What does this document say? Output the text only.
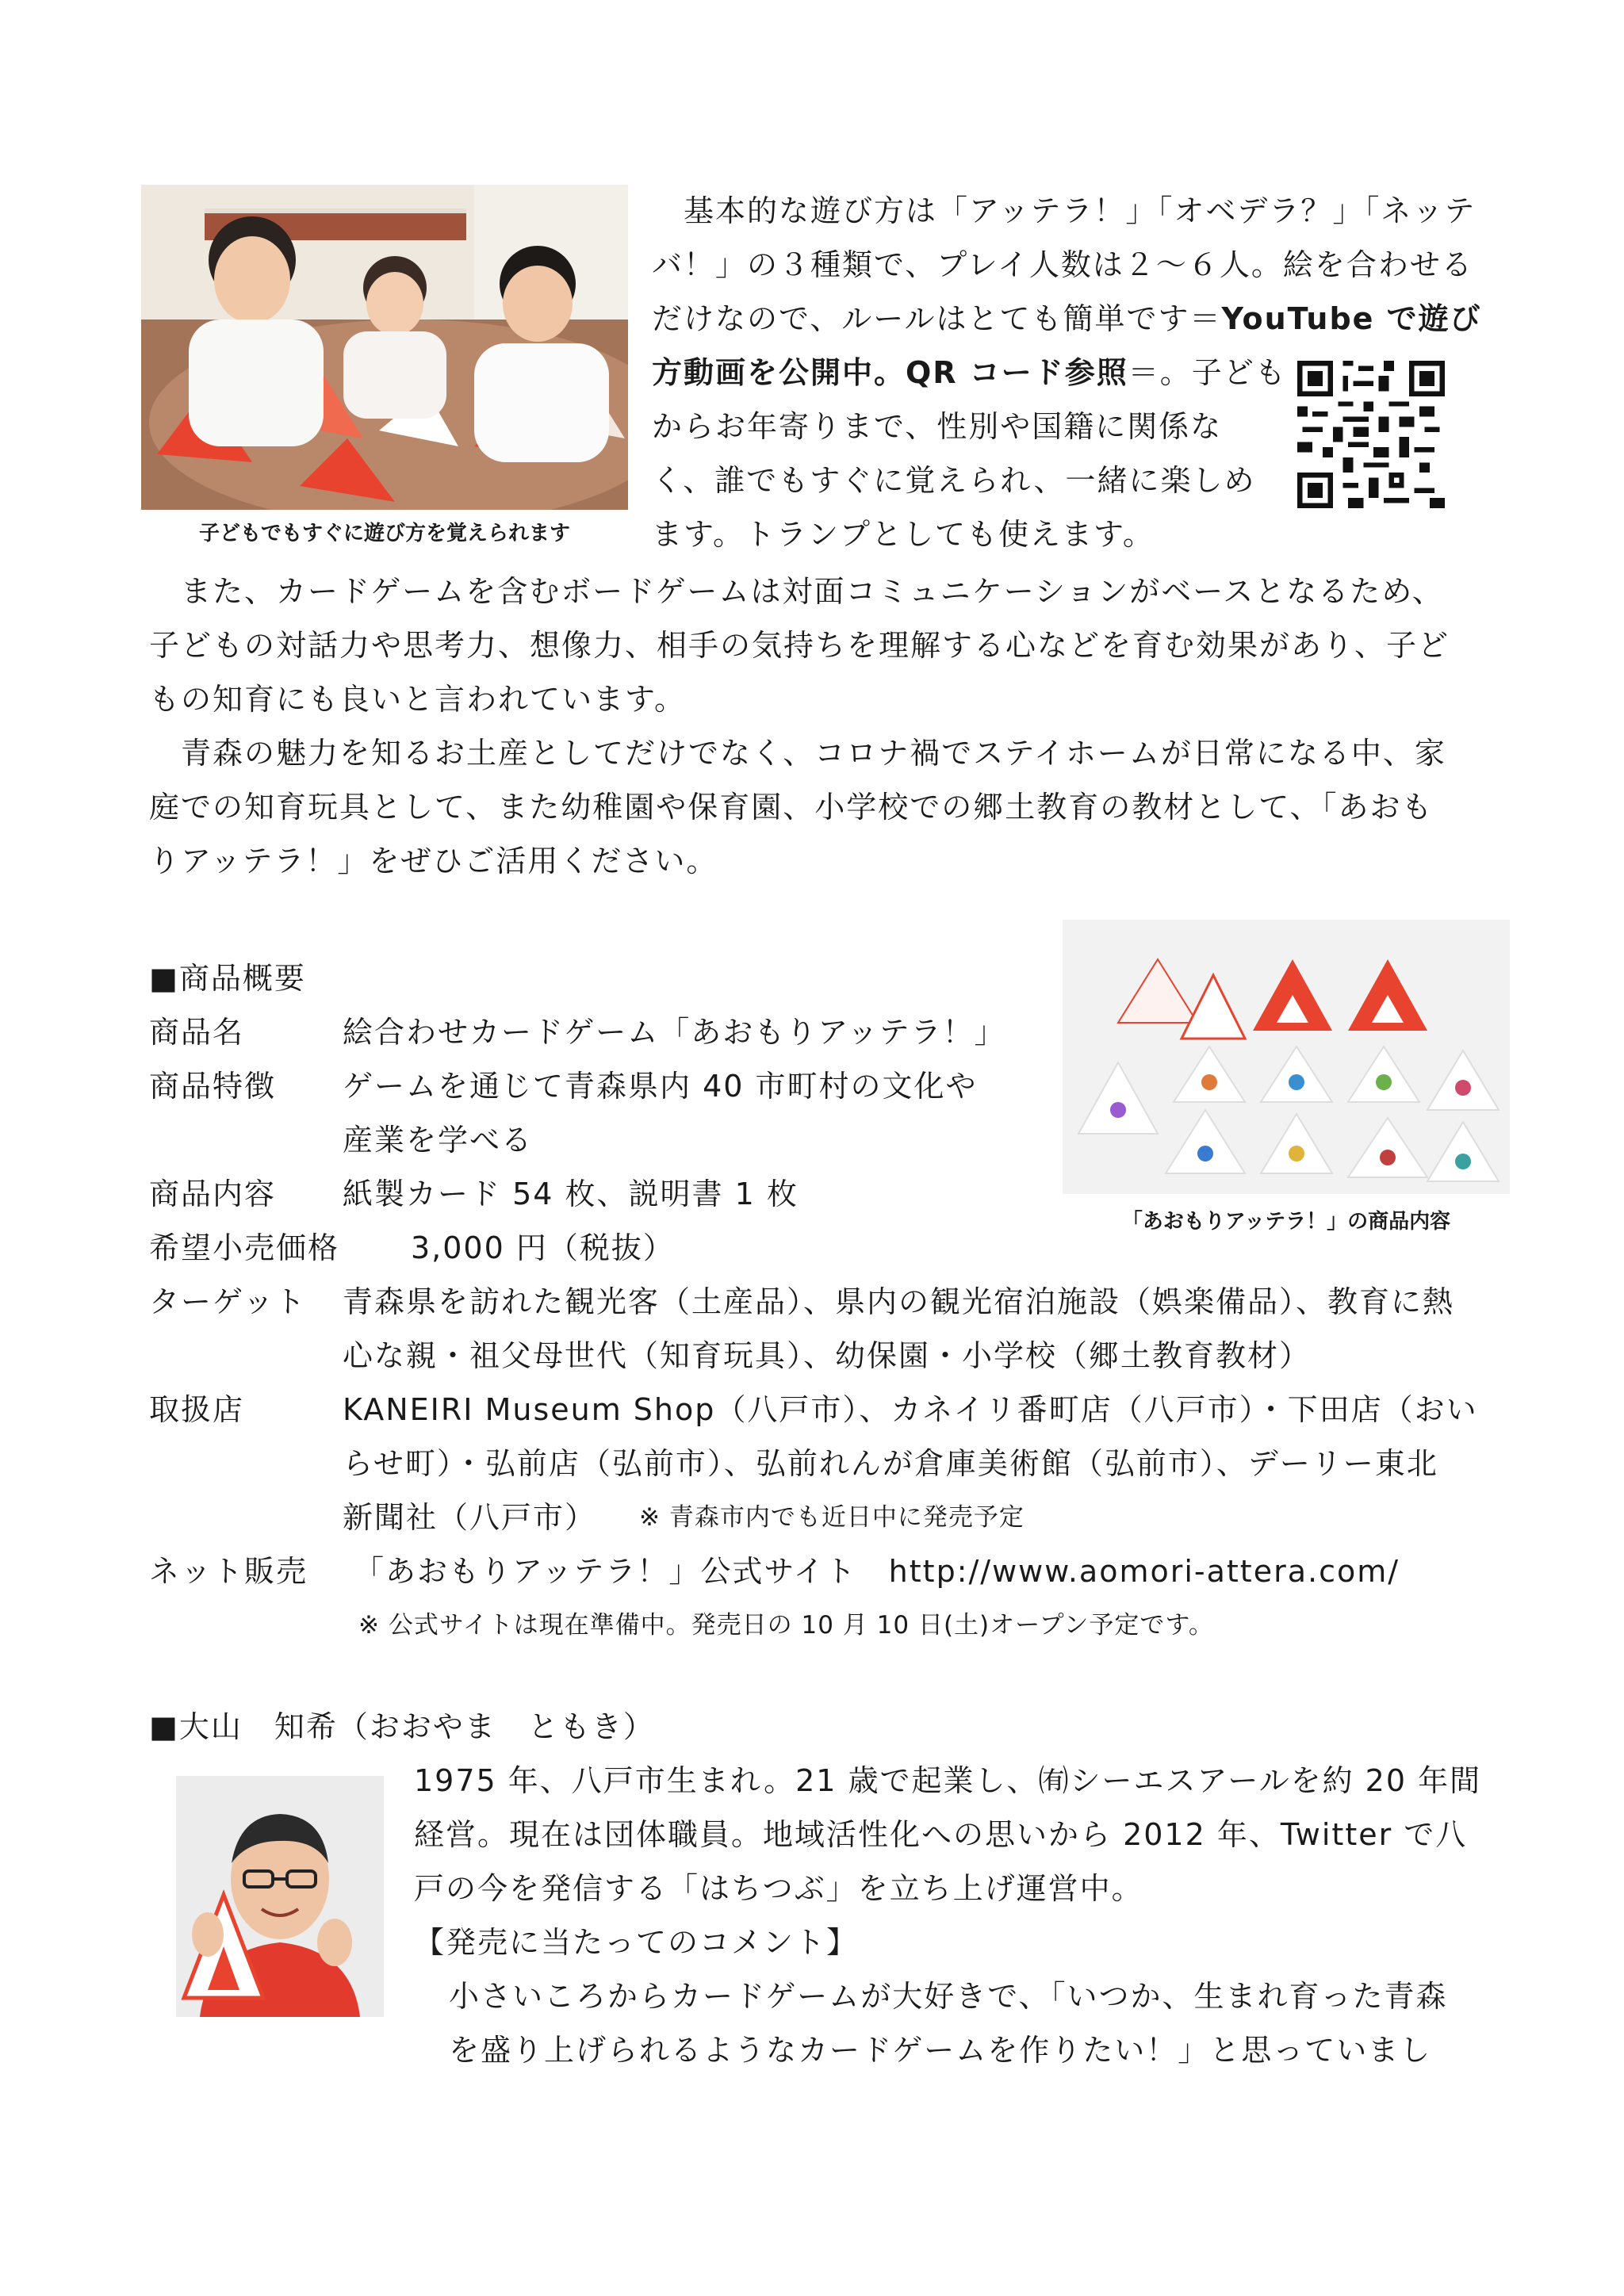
子どもでもすぐに遊び方を覚えられます
　基本的な遊び方は「アッテラ！」「オベデラ？」「ネッテ
バ！」の３種類で、プレイ人数は２～６人。絵を合わせる
だけなので、ルールはとても簡単です＝YouTube で遊び
方動画を公開中。QR コード参照＝。子ども
からお年寄りまで、性別や国籍に関係な
く、誰でもすぐに覚えられ、一緒に楽しめ
ます。トランプとしても使えます。
　また、カードゲームを含むボードゲームは対面コミュニケーションがベースとなるため、
子どもの対話力や思考力、想像力、相手の気持ちを理解する心などを育む効果があり、子ど
もの知育にも良いと言われています。
　青森の魅力を知るお土産としてだけでなく、コロナ禍でステイホームが日常になる中、家
庭での知育玩具として、また幼稚園や保育園、小学校での郷土教育の教材として、「あおも
りアッテラ！」をぜひご活用ください。
「あおもりアッテラ！」の商品内容
■商品概要
商品名	絵合わせカードゲーム「あおもりアッテラ！」
商品特徴 ゲームを通じて青森県内 40 市町村の文化や
産業を学べる
商品内容 紙製カード 54 枚、説明書 1 枚
希望小売価格 3,000 円（税抜）
ターゲット 青森県を訪れた観光客（土産品）、県内の観光宿泊施設（娯楽備品）、教育に熱
心な親・祖父母世代（知育玩具）、幼保園・小学校（郷土教育教材）
取扱店	KANEIRI Museum Shop（八戸市）、カネイリ番町店（八戸市）・下田店（おい
らせ町）・弘前店（弘前市）、弘前れんが倉庫美術館（弘前市）、デーリー東北
新聞社（八戸市） ※ 青森市内でも近日中に発売予定
ネット販売 「あおもりアッテラ！」公式サイト　http://www.aomori-attera.com/
※ 公式サイトは現在準備中。発売日の 10 月 10 日(土)オープン予定です。
■大山　知希（おおやま　ともき）
1975 年、八戸市生まれ。21 歳で起業し、㈲シーエスアールを約 20 年間
経営。現在は団体職員。地域活性化への思いから 2012 年、Twitter で八
戸の今を発信する「はちつぶ」を立ち上げ運営中。
【発売に当たってのコメント】
小さいころからカードゲームが大好きで、「いつか、生まれ育った青森
を盛り上げられるようなカードゲームを作りたい！」と思っていまし
